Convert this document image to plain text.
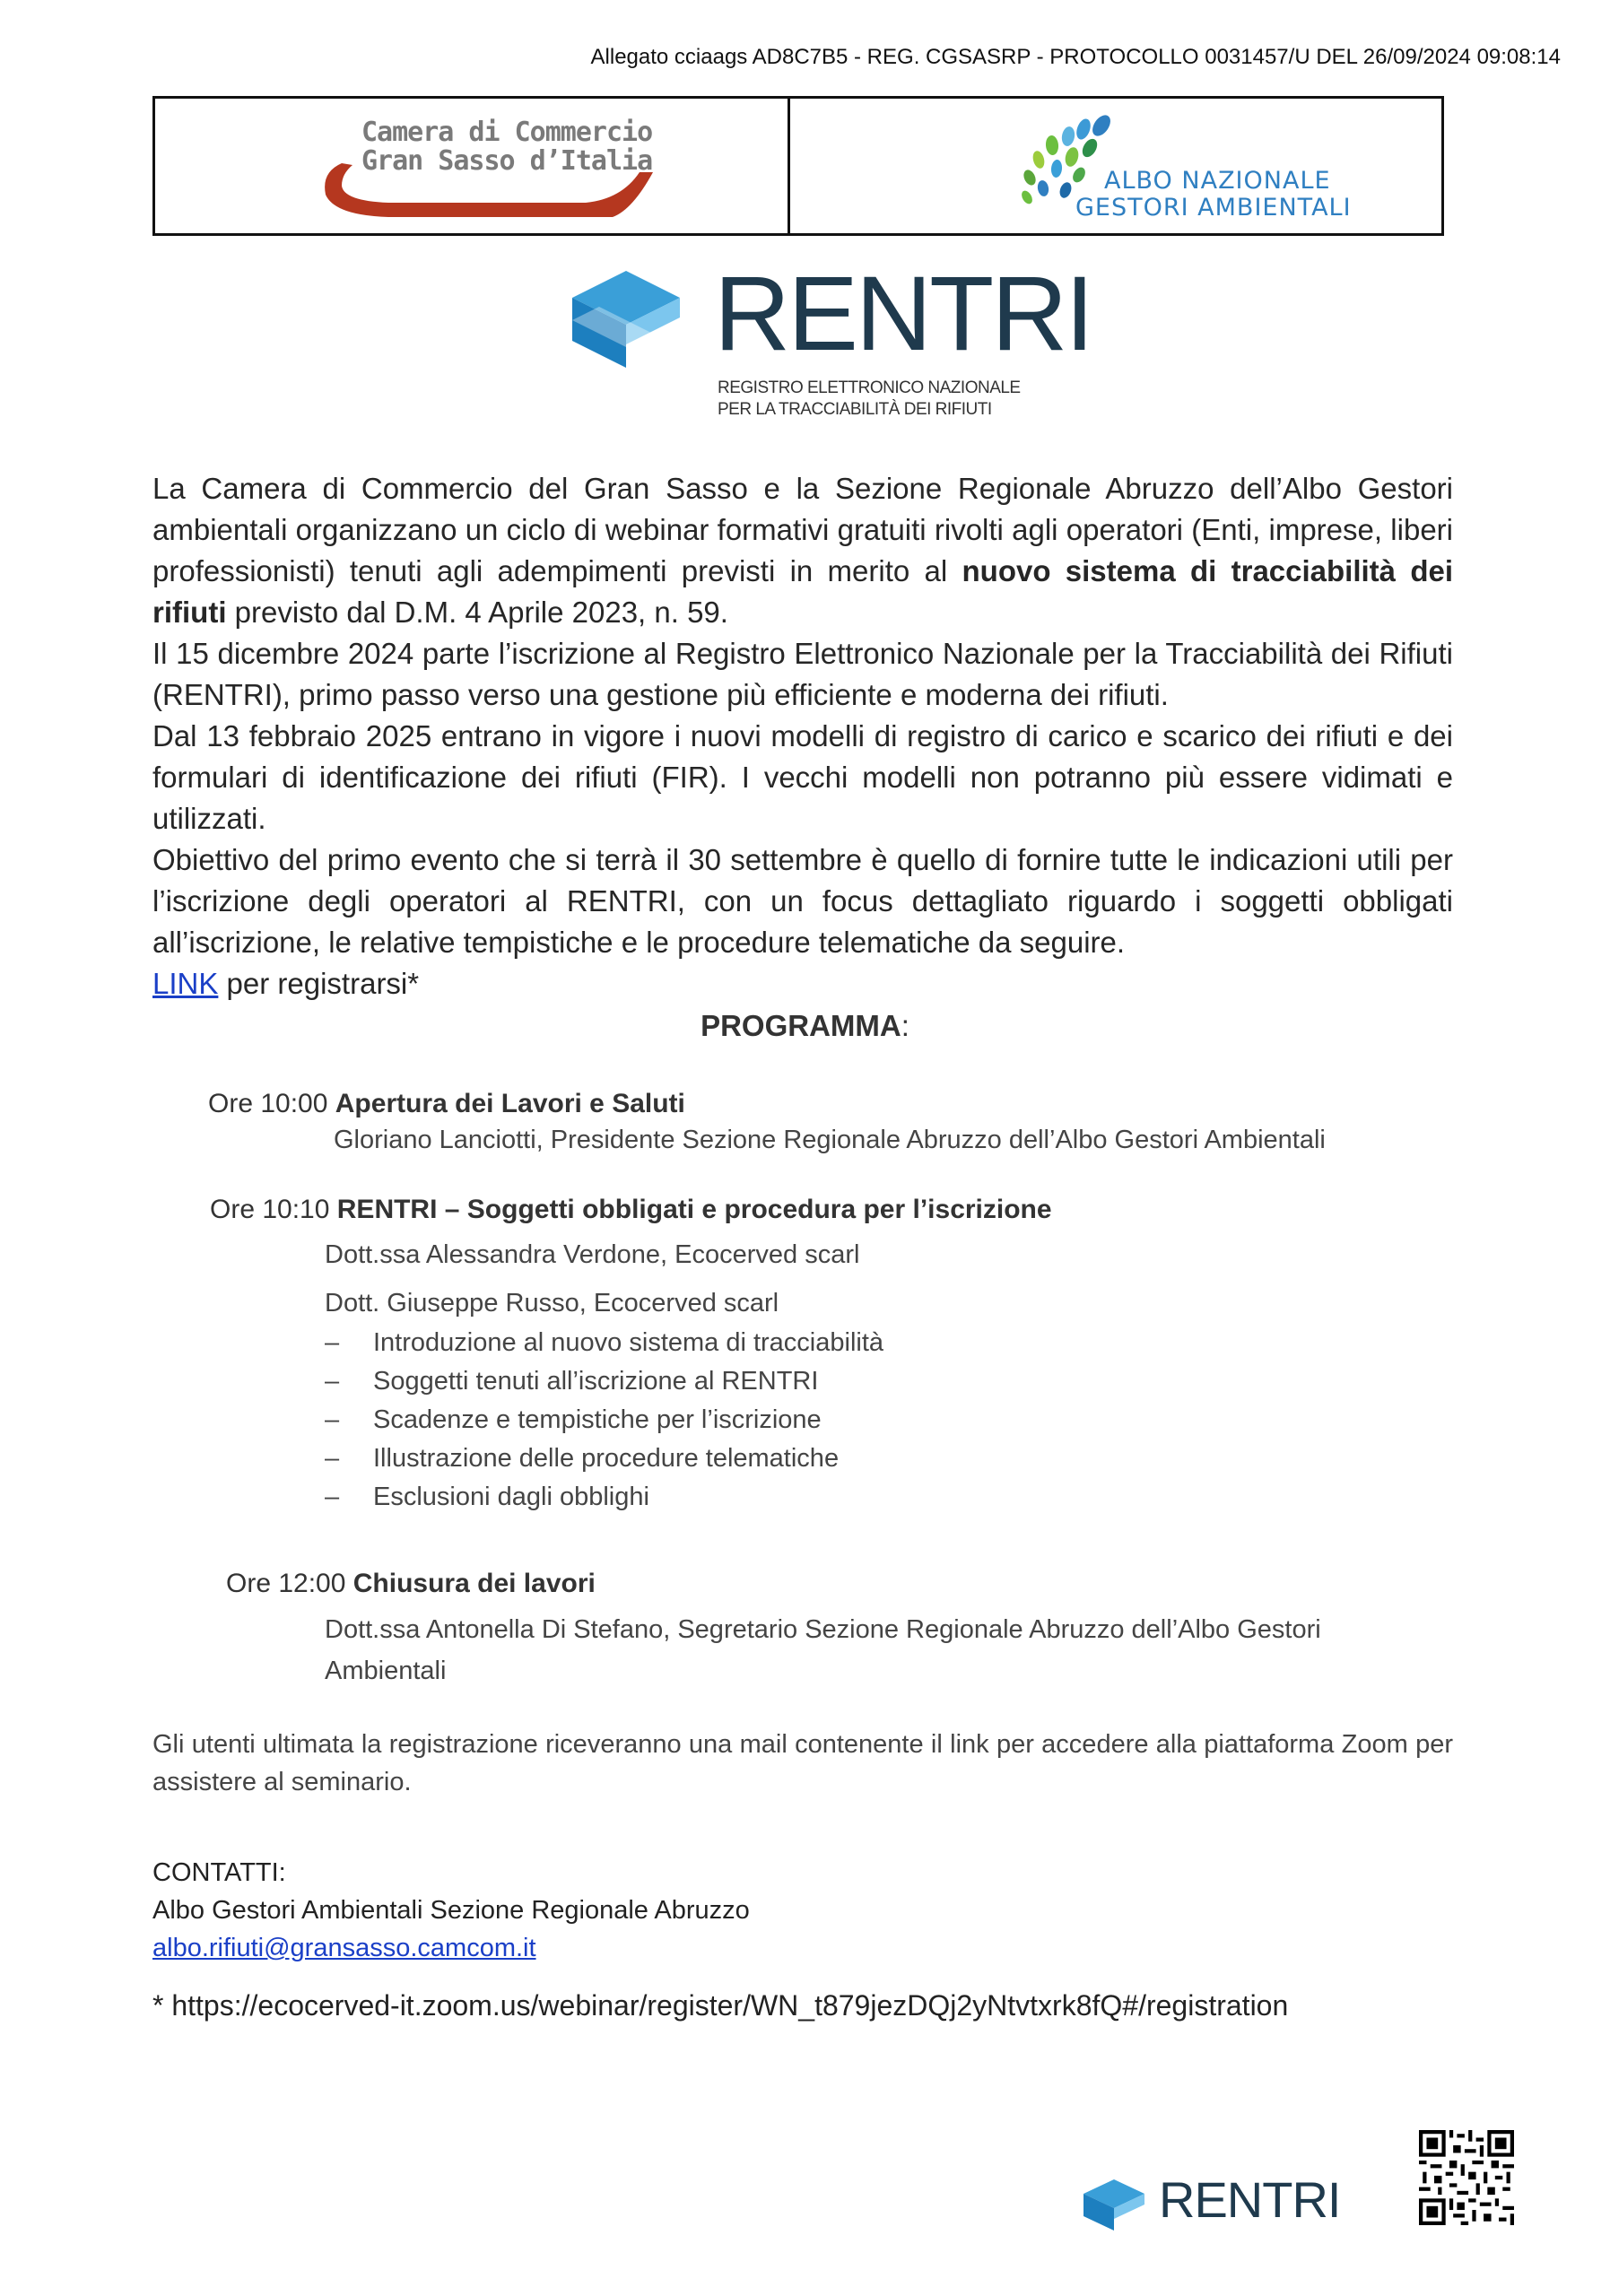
Allegato cciaags AD8C7B5 - REG. CGSASRP - PROTOCOLLO 0031457/U DEL 26/09/2024 09:08:14
Camera di Commercio
Gran Sasso d’Italia
ALBO NAZIONALE
GESTORI AMBIENTALI
RENTRI
REGISTRO ELETTRONICO NAZIONALE
PER LA TRACCIABILITÀ DEI RIFIUTI
La Camera di Commercio del Gran Sasso e la Sezione Regionale Abruzzo dell’Albo Gestori ambientali organizzano un ciclo di webinar formativi gratuiti rivolti agli operatori (Enti, imprese, liberi professionisti) tenuti agli adempimenti previsti in merito al nuovo sistema di tracciabilità dei rifiuti previsto dal D.M. 4 Aprile 2023, n. 59.
Il 15 dicembre 2024 parte l’iscrizione al Registro Elettronico Nazionale per la Tracciabilità dei Rifiuti (RENTRI), primo passo verso una gestione più efficiente e moderna dei rifiuti.
Dal 13 febbraio 2025 entrano in vigore i nuovi modelli di registro di carico e scarico dei rifiuti e dei formulari di identificazione dei rifiuti (FIR). I vecchi modelli non potranno più essere vidimati e utilizzati.
Obiettivo del primo evento che si terrà il 30 settembre è quello di fornire tutte le indicazioni utili per l’iscrizione degli operatori al RENTRI, con un focus dettagliato riguardo i soggetti obbligati all’iscrizione, le relative tempistiche e le procedure telematiche da seguire.
LINK per registrarsi*
PROGRAMMA:
Ore 10:00 Apertura dei Lavori e Saluti
Gloriano Lanciotti, Presidente Sezione Regionale Abruzzo dell’Albo Gestori Ambientali
Ore 10:10 RENTRI – Soggetti obbligati e procedura per l’iscrizione
Dott.ssa Alessandra Verdone, Ecocerved scarl
Dott. Giuseppe Russo, Ecocerved scarl
– Introduzione al nuovo sistema di tracciabilità
– Soggetti tenuti all’iscrizione al RENTRI
– Scadenze e tempistiche per l’iscrizione
– Illustrazione delle procedure telematiche
– Esclusioni dagli obblighi
Ore 12:00 Chiusura dei lavori
Dott.ssa Antonella Di Stefano, Segretario Sezione Regionale Abruzzo dell’Albo Gestori Ambientali
Gli utenti ultimata la registrazione riceveranno una mail contenente il link per accedere alla piattaforma Zoom per assistere al seminario.
CONTATTI:
Albo Gestori Ambientali Sezione Regionale Abruzzo
albo.rifiuti@gransasso.camcom.it
* https://ecocerved-it.zoom.us/webinar/register/WN_t879jezDQj2yNtvtxrk8fQ#/registration
RENTRI
